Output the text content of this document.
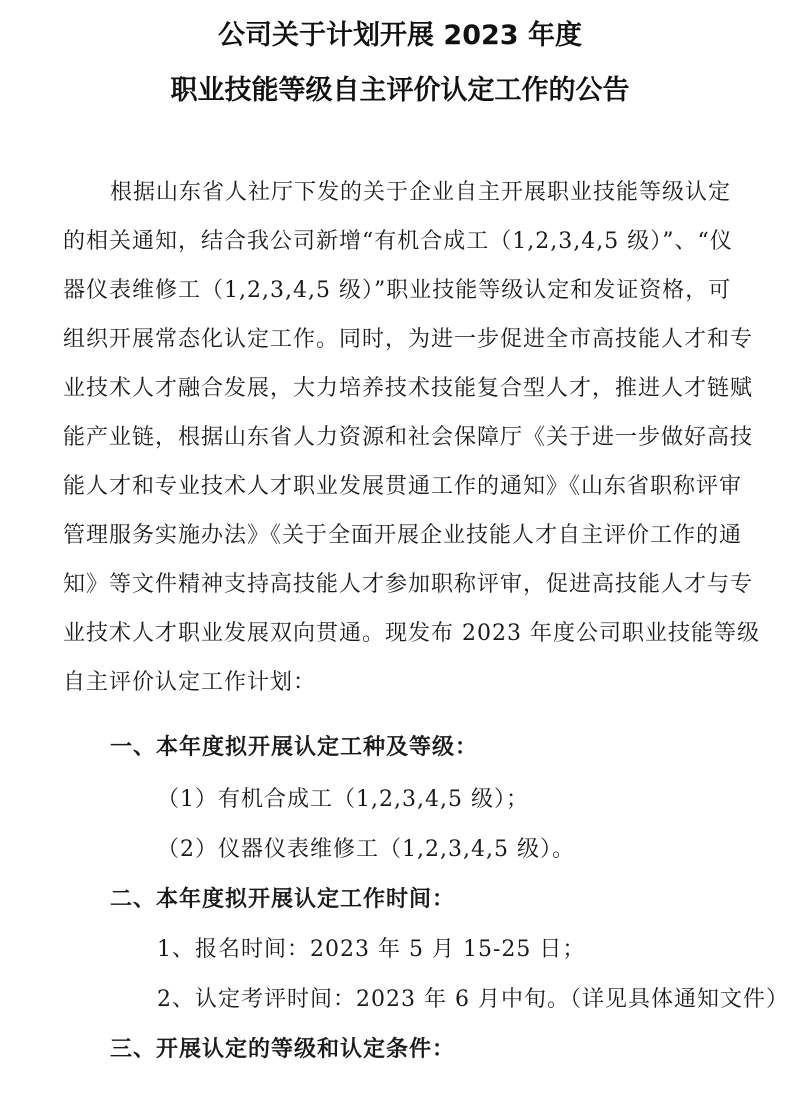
公司关于计划开展 2023 年度
职业技能等级自主评价认定工作的公告
根据山东省人社厅下发的关于企业自主开展职业技能等级认定
的相关通知，结合我公司新增“有机合成工（1,2,3,4,5 级）”、“仪
器仪表维修工（1,2,3,4,5 级）”职业技能等级认定和发证资格，可
组织开展常态化认定工作。同时，为进一步促进全市高技能人才和专
业技术人才融合发展，大力培养技术技能复合型人才，推进人才链赋
能产业链，根据山东省人力资源和社会保障厅《关于进一步做好高技
能人才和专业技术人才职业发展贯通工作的通知》《山东省职称评审
管理服务实施办法》《关于全面开展企业技能人才自主评价工作的通
知》等文件精神支持高技能人才参加职称评审，促进高技能人才与专
业技术人才职业发展双向贯通。现发布 2023 年度公司职业技能等级
自主评价认定工作计划：
一、本年度拟开展认定工种及等级：
（1）有机合成工（1,2,3,4,5 级）；
（2）仪器仪表维修工（1,2,3,4,5 级）。
二、本年度拟开展认定工作时间：
1、报名时间：2023 年 5 月 15-25 日；
2、认定考评时间：2023 年 6 月中旬。（详见具体通知文件）
三、开展认定的等级和认定条件：
